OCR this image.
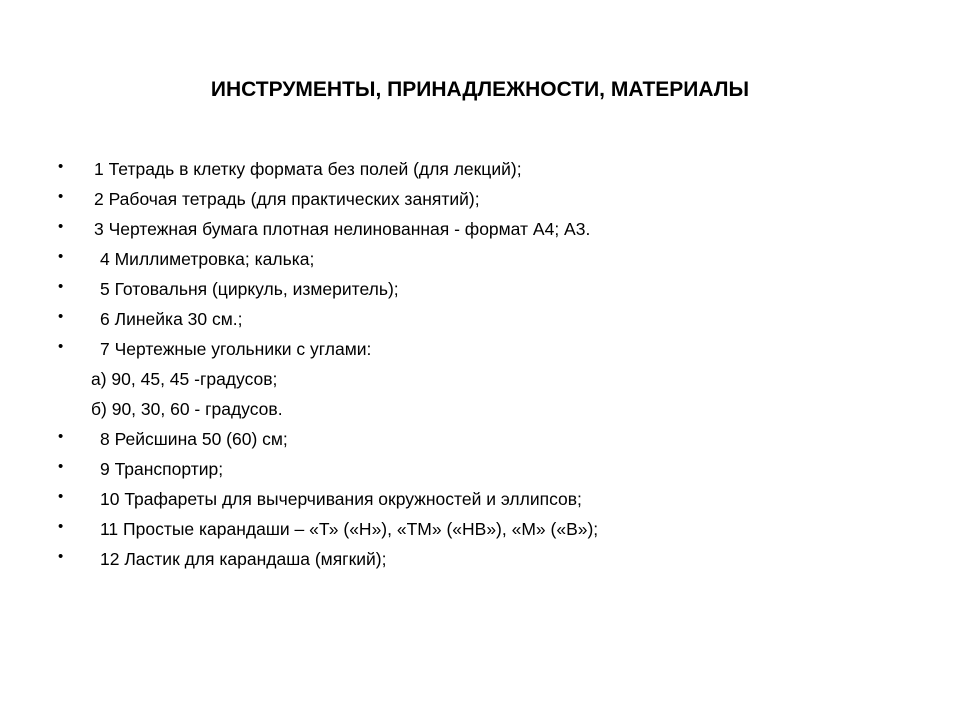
ИНСТРУМЕНТЫ, ПРИНАДЛЕЖНОСТИ, МАТЕРИАЛЫ
• 1 Тетрадь в клетку формата без полей (для лекций);
• 2 Рабочая тетрадь (для практических занятий);
• 3 Чертежная бумага плотная нелинованная - формат А4; А3.
• 4 Миллиметровка; калька;
• 5 Готовальня (циркуль, измеритель);
• 6 Линейка 30 см.;
• 7 Чертежные угольники с углами:
а) 90, 45, 45 -градусов;
б) 90, 30, 60 - градусов.
• 8 Рейсшина 50 (60) см;
• 9 Транспортир;
• 10 Трафареты для вычерчивания окружностей и эллипсов;
• 11 Простые карандаши – «Т» («Н»), «ТМ» («НВ»), «М» («В»);
• 12 Ластик для карандаша (мягкий);
